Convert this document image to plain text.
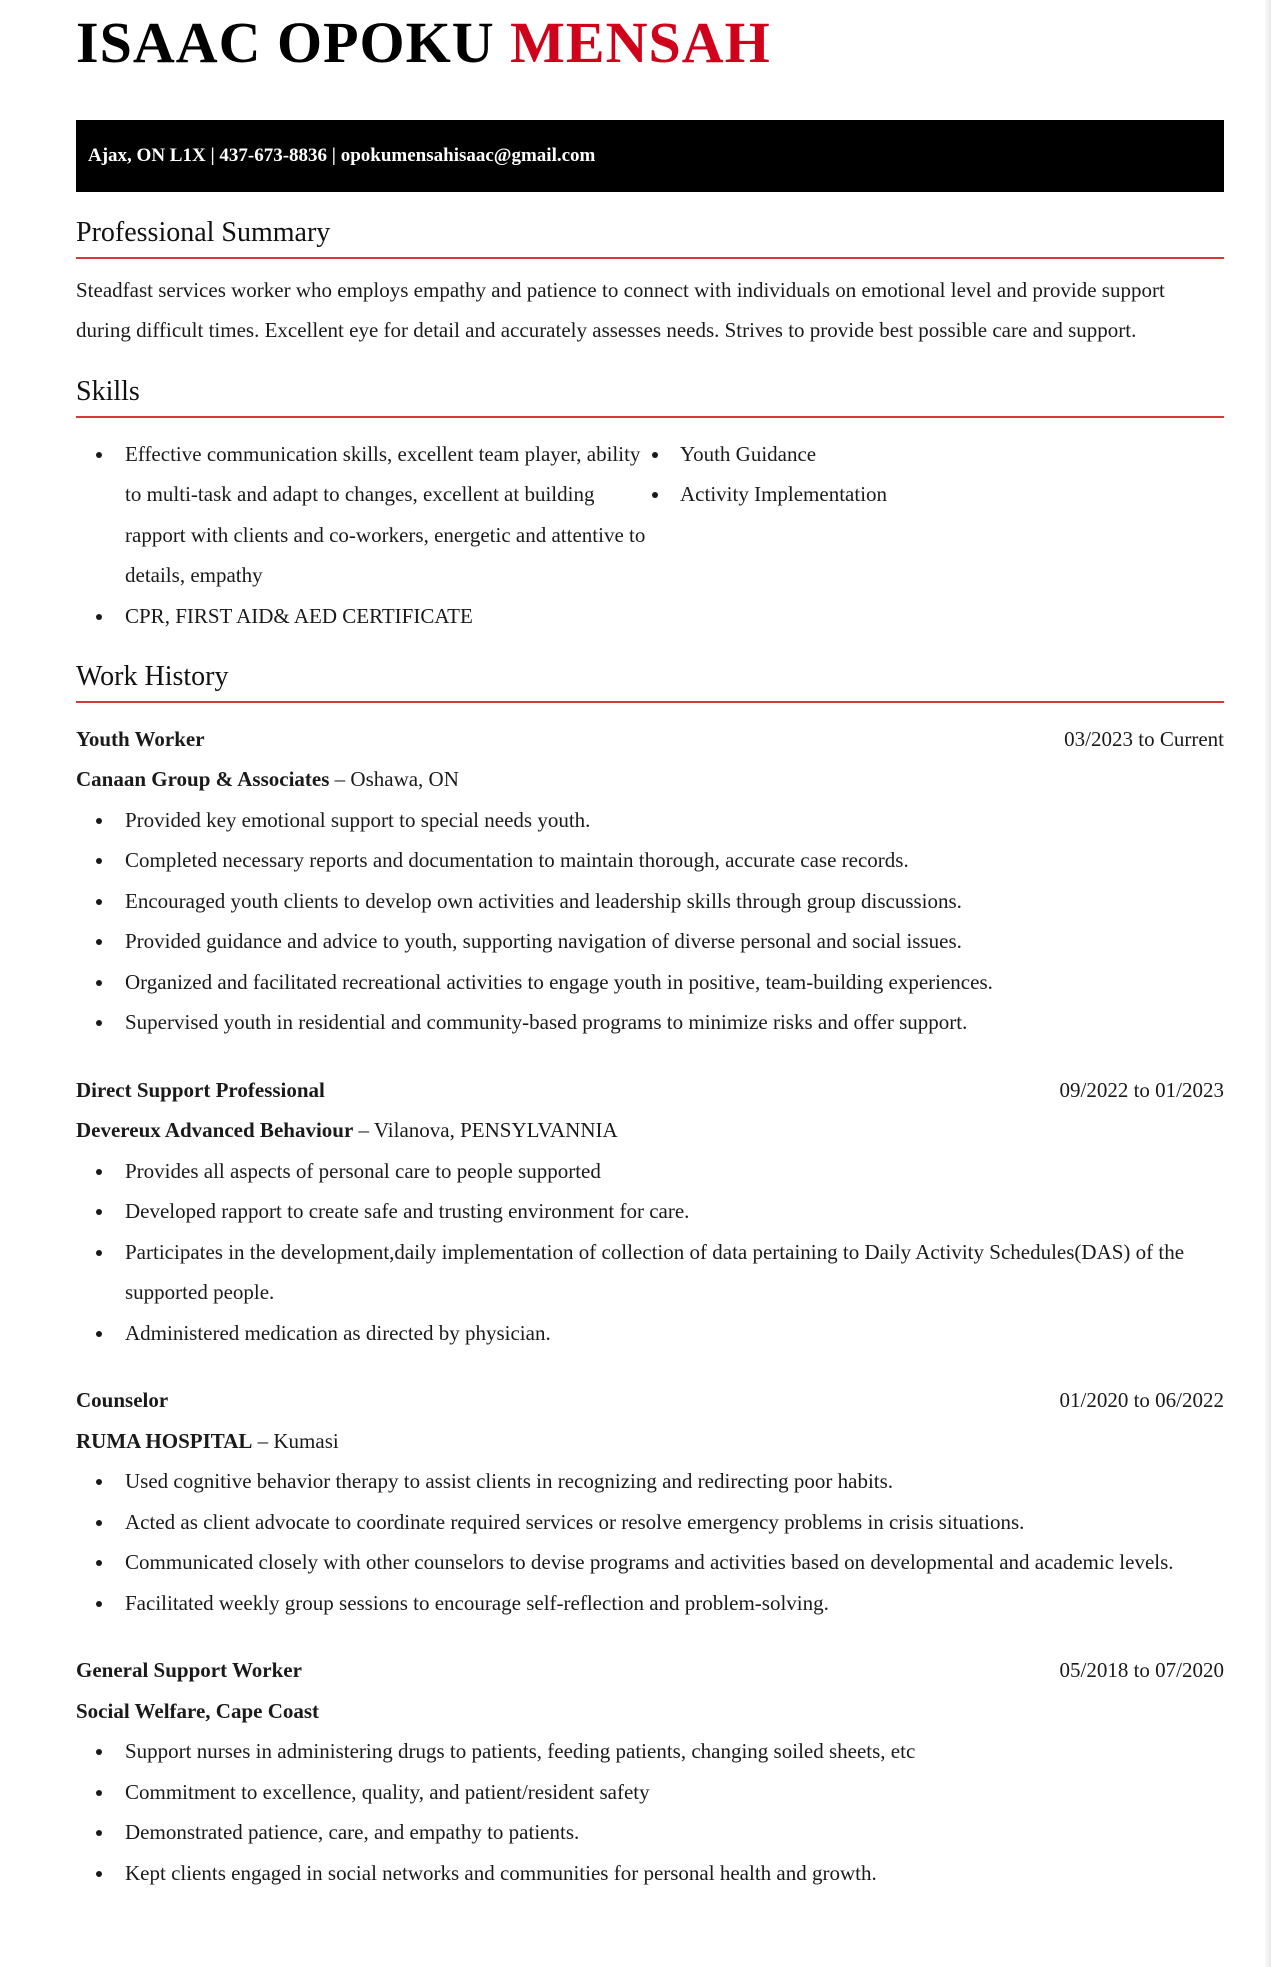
ISAAC OPOKU MENSAH
Ajax, ON L1X | 437-673-8836 | opokumensahisaac@gmail.com
Professional Summary

Steadfast services worker who employs empathy and patience to connect with individuals on emotional level and provide support during difficult times. Excellent eye for detail and accurately assesses needs. Strives to provide best possible care and support.

Skills
Effective communication skills, excellent team player, ability to multi-task and adapt to changes, excellent at building rapport with clients and co-workers, energetic and attentive to details, empathy
CPR, FIRST AID& AED CERTIFICATE
Youth Guidance
Activity Implementation
Work History
Youth Worker	03/2023 to Current
Canaan Group & Associates – Oshawa, ON
Provided key emotional support to special needs youth.
Completed necessary reports and documentation to maintain thorough, accurate case records.
Encouraged youth clients to develop own activities and leadership skills through group discussions.
Provided guidance and advice to youth, supporting navigation of diverse personal and social issues.
Organized and facilitated recreational activities to engage youth in positive, team-building experiences.
Supervised youth in residential and community-based programs to minimize risks and offer support.
Direct Support Professional	09/2022 to 01/2023
Devereux Advanced Behaviour – Vilanova, PENSYLVANNIA
Provides all aspects of personal care to people supported
Developed rapport to create safe and trusting environment for care.
Participates in the development,daily implementation of collection of data pertaining to Daily Activity Schedules(DAS) of the supported people.
Administered medication as directed by physician.
Counselor	01/2020 to 06/2022
RUMA HOSPITAL – Kumasi
Used cognitive behavior therapy to assist clients in recognizing and redirecting poor habits.
Acted as client advocate to coordinate required services or resolve emergency problems in crisis situations.
Communicated closely with other counselors to devise programs and activities based on developmental and academic levels.
Facilitated weekly group sessions to encourage self-reflection and problem-solving.
General Support Worker	05/2018 to 07/2020
Social Welfare, Cape Coast
Support nurses in administering drugs to patients, feeding patients, changing soiled sheets, etc
Commitment to excellence, quality, and patient/resident safety
Demonstrated patience, care, and empathy to patients.
Kept clients engaged in social networks and communities for personal health and growth.
